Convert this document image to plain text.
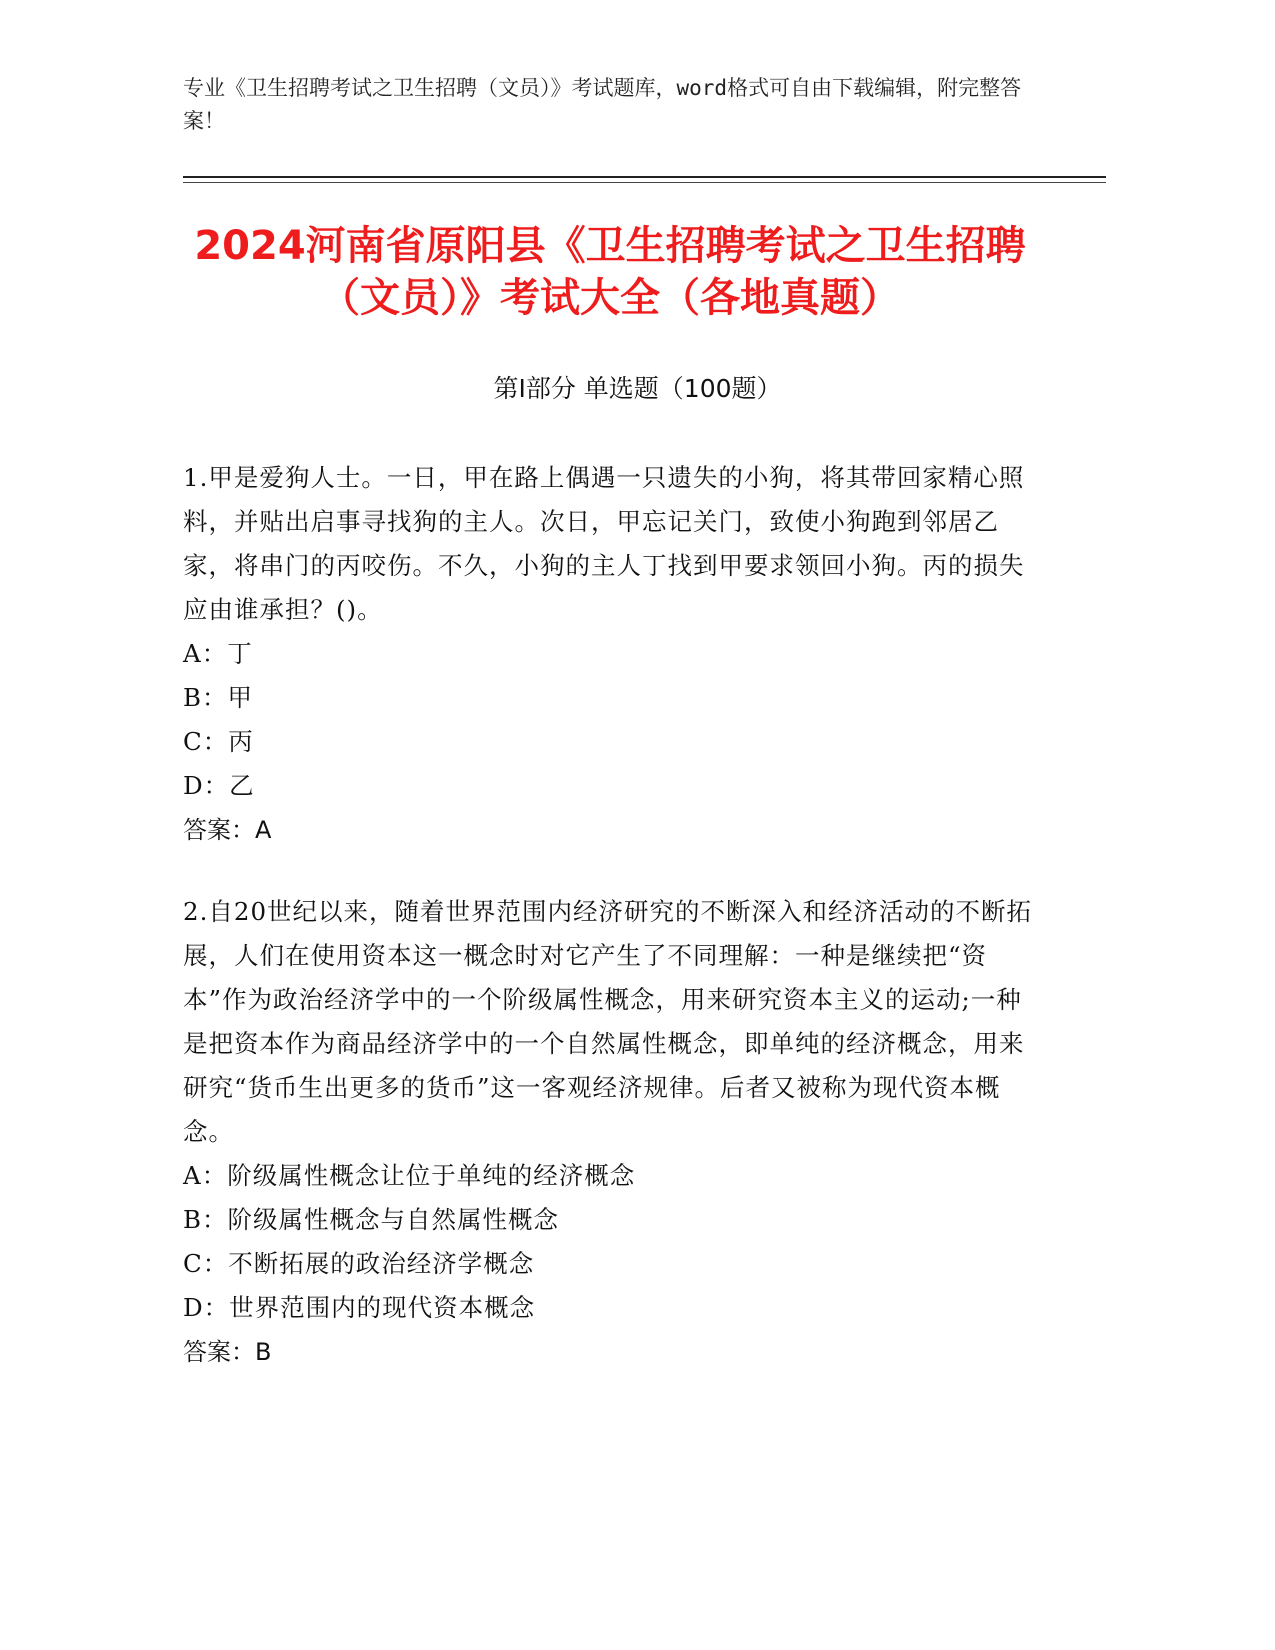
专业《卫生招聘考试之卫生招聘（文员）》考试题库，word格式可自由下载编辑，附完整答案！
2024河南省原阳县《卫生招聘考试之卫生招聘（文员）》考试大全（各地真题）
第I部分 单选题（100题）

1.甲是爱狗人士。一日，甲在路上偶遇一只遗失的小狗，将其带回家精心照料，并贴出启事寻找狗的主人。次日，甲忘记关门，致使小狗跑到邻居乙家，将串门的丙咬伤。不久，小狗的主人丁找到甲要求领回小狗。丙的损失应由谁承担？()。

A：丁

B：甲

C：丙

D：乙

答案：A

2.自20世纪以来，随着世界范围内经济研究的不断深入和经济活动的不断拓展，人们在使用资本这一概念时对它产生了不同理解：一种是继续把“资本”作为政治经济学中的一个阶级属性概念，用来研究资本主义的运动;一种是把资本作为商品经济学中的一个自然属性概念，即单纯的经济概念，用来研究“货币生出更多的货币”这一客观经济规律。后者又被称为现代资本概念。

A：阶级属性概念让位于单纯的经济概念

B：阶级属性概念与自然属性概念

C：不断拓展的政治经济学概念

D：世界范围内的现代资本概念

答案：B
